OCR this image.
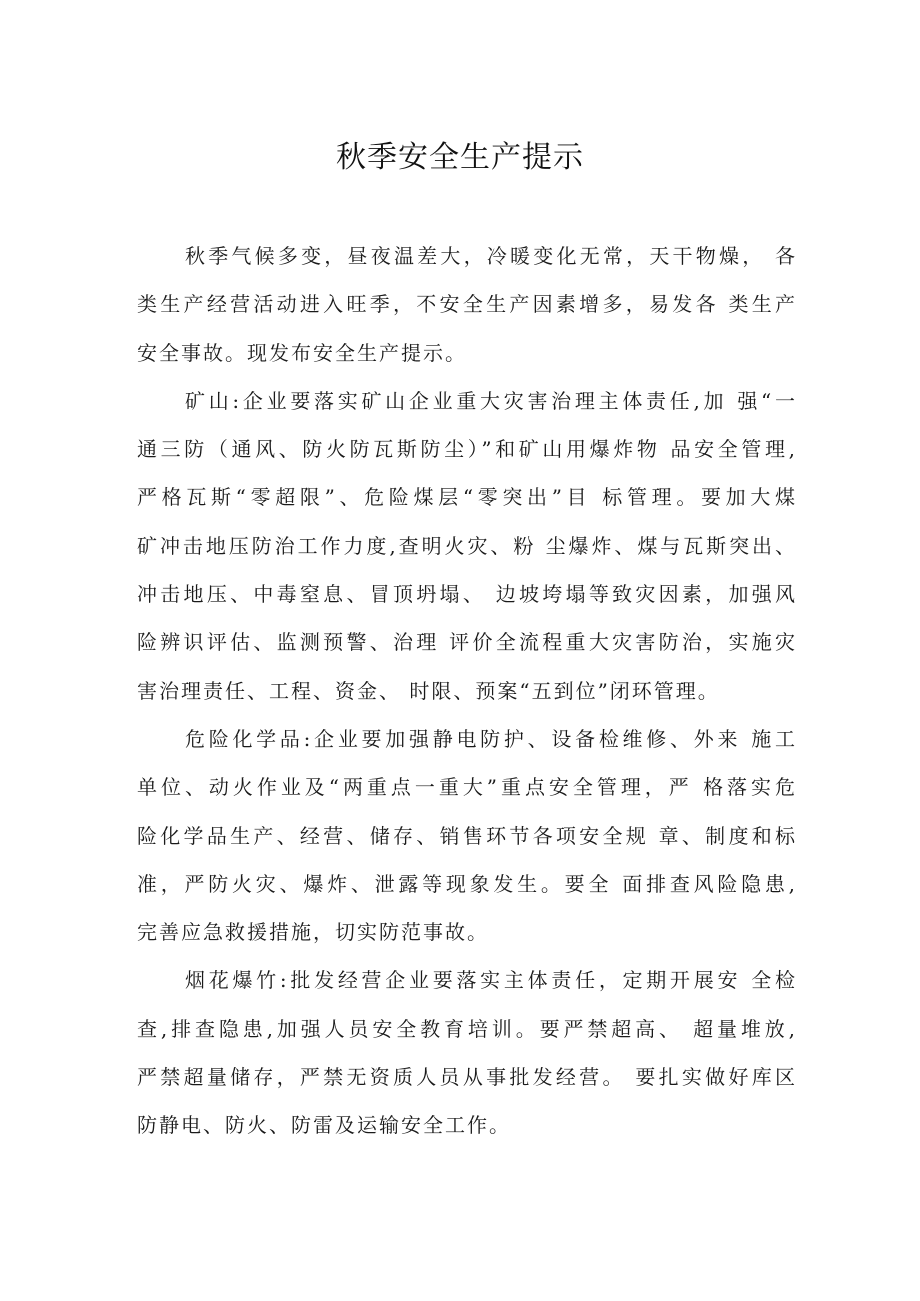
秋季安全生产提示

秋季气候多变，昼夜温差大，冷暖变化无常，天干物燥， 各
类生产经营活动进入旺季，不安全生产因素增多，易发各 类生产
安全事故。现发布安全生产提示。

矿山:企业要落实矿山企业重大灾害治理主体责任,加 强“一
通三防（通风、防火防瓦斯防尘）”和矿山用爆炸物 品安全管理,
严格瓦斯“零超限”、危险煤层“零突出”目 标管理。要加大煤
矿冲击地压防治工作力度,查明火灾、粉 尘爆炸、煤与瓦斯突出、
冲击地压、中毒窒息、冒顶坍塌、 边坡垮塌等致灾因素，加强风
险辨识评估、监测预警、治理 评价全流程重大灾害防治，实施灾
害治理责任、工程、资金、 时限、预案“五到位”闭环管理。

危险化学品:企业要加强静电防护、设备检维修、外来 施工
单位、动火作业及“两重点一重大”重点安全管理，严 格落实危
险化学品生产、经营、储存、销售环节各项安全规 章、制度和标
准，严防火灾、爆炸、泄露等现象发生。要全 面排查风险隐患,
完善应急救援措施，切实防范事故。

烟花爆竹:批发经营企业要落实主体责任，定期开展安 全检
查,排查隐患,加强人员安全教育培训。要严禁超高、 超量堆放,
严禁超量储存，严禁无资质人员从事批发经营。 要扎实做好库区
防静电、防火、防雷及运输安全工作。
